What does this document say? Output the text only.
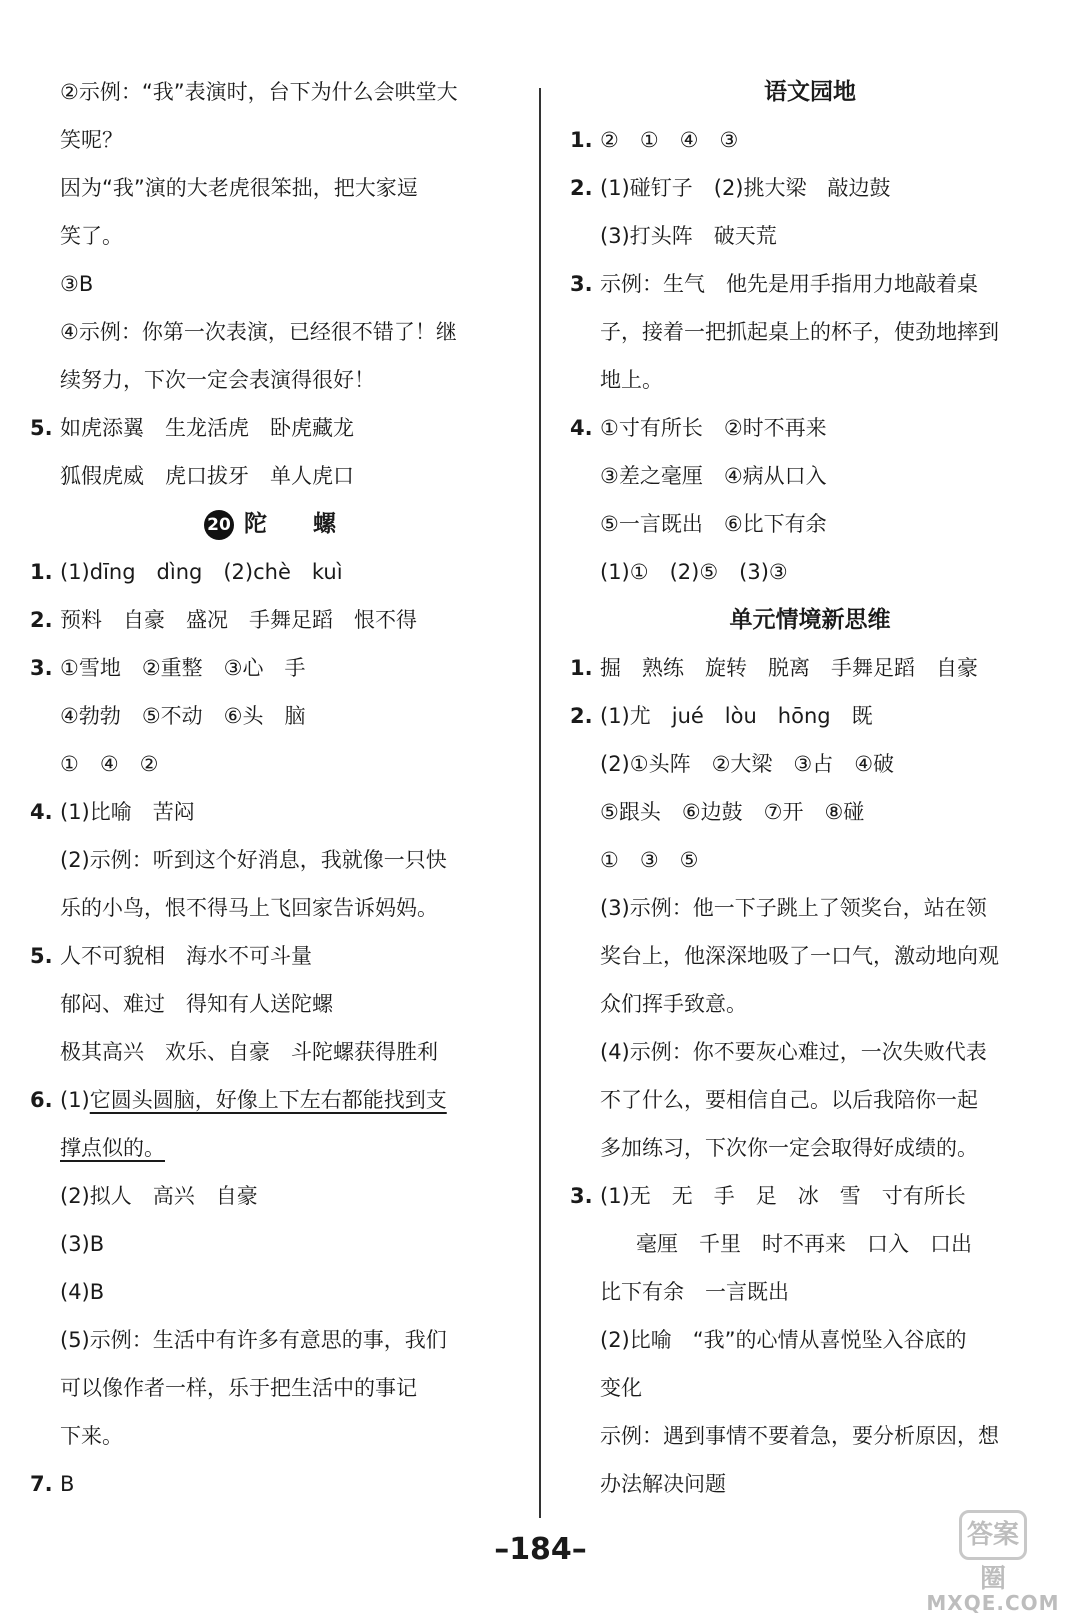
②示例：“我”表演时，台下为什么会哄堂大
笑呢？
因为“我”演的大老虎很笨拙，把大家逗
笑了。
③B
④示例：你第一次表演，已经很不错了！继
续努力，下次一定会表演得很好！
5. 如虎添翼　生龙活虎　卧虎藏龙
狐假虎威　虎口拔牙　单人虎口
20 陀　　螺
1. (1)dīng　dìng　(2)chè　kuì
2. 预料　自豪　盛况　手舞足蹈　恨不得
3. ①雪地　②重整　③心　手
④勃勃　⑤不动　⑥头　脑
①　④　②
4. (1)比喻　苦闷
(2)示例：听到这个好消息，我就像一只快
乐的小鸟，恨不得马上飞回家告诉妈妈。
5. 人不可貌相　海水不可斗量
郁闷、难过　得知有人送陀螺
极其高兴　欢乐、自豪　斗陀螺获得胜利
6. (1)它圆头圆脑，好像上下左右都能找到支
撑点似的。
(2)拟人　高兴　自豪
(3)B
(4)B
(5)示例：生活中有许多有意思的事，我们
可以像作者一样，乐于把生活中的事记
下来。
7. B
语文园地
1. ②　①　④　③
2. (1)碰钉子　(2)挑大梁　敲边鼓
(3)打头阵　破天荒
3. 示例：生气　他先是用手指用力地敲着桌
子，接着一把抓起桌上的杯子，使劲地摔到
地上。
4. ①寸有所长　②时不再来
③差之毫厘　④病从口入
⑤一言既出　⑥比下有余
(1)①　(2)⑤　(3)③
单元情境新思维
1. 掘　熟练　旋转　脱离　手舞足蹈　自豪
2. (1)尤　jué　lòu　hōng　既
(2)①头阵　②大梁　③占　④破
⑤跟头　⑥边鼓　⑦开　⑧碰
①　③　⑤
(3)示例：他一下子跳上了领奖台，站在领
奖台上，他深深地吸了一口气，激动地向观
众们挥手致意。
(4)示例：你不要灰心难过，一次失败代表
不了什么，要相信自己。以后我陪你一起
多加练习，下次你一定会取得好成绩的。
3. (1)无　无　手　足　冰　雪　寸有所长
毫厘　千里　时不再来　口入　口出
比下有余　一言既出
(2)比喻　“我”的心情从喜悦坠入谷底的
变化
示例：遇到事情不要着急，要分析原因，想
办法解决问题
–184–	答案圈
MXQE.COM
